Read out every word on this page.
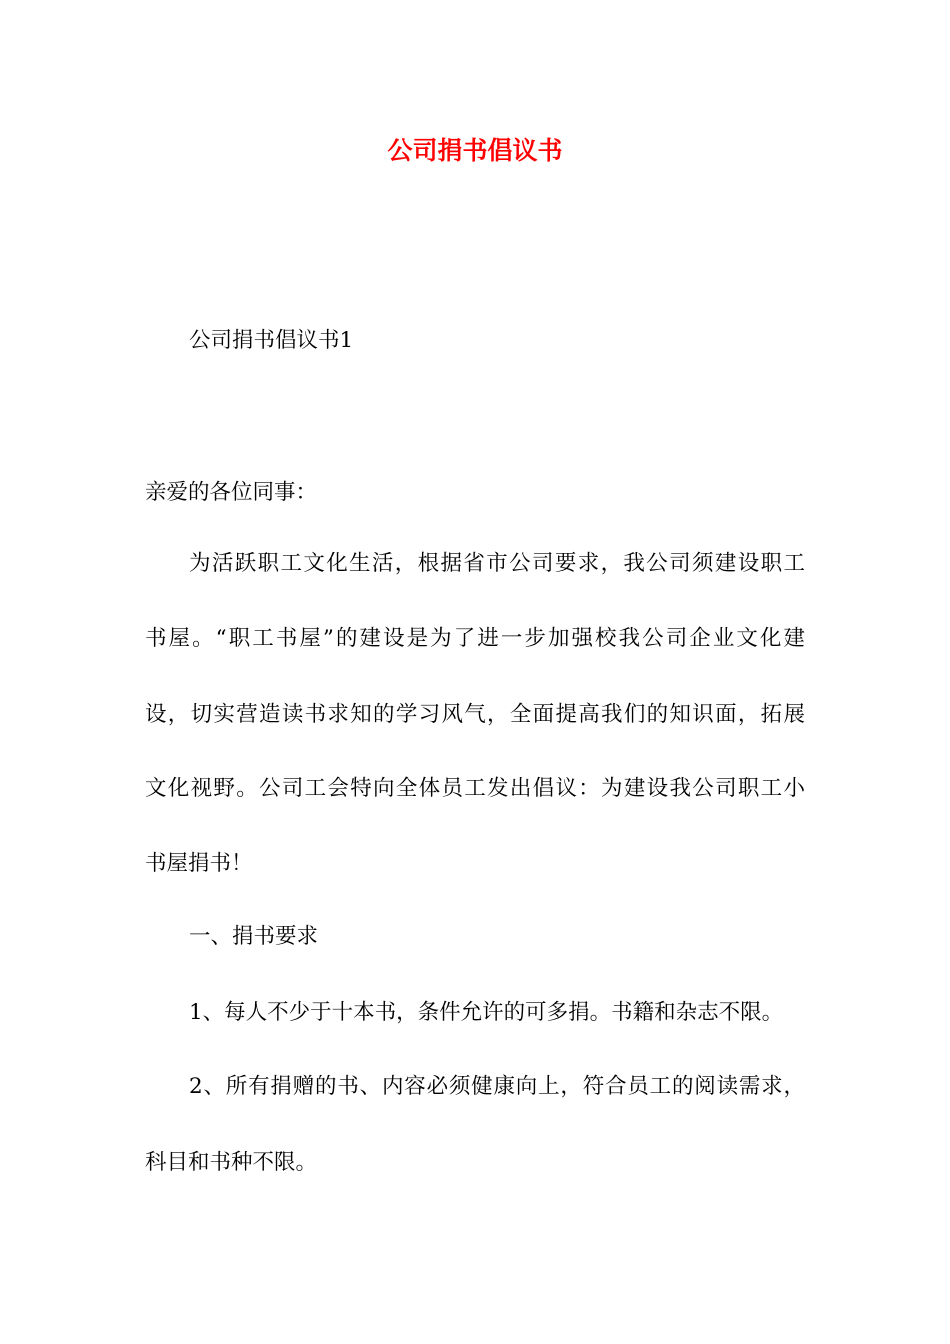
公司捐书倡议书
公司捐书倡议书1
亲爱的各位同事：
为活跃职工文化生活，根据省市公司要求，我公司须建设职工
书屋。“职工书屋”的建设是为了进一步加强校我公司企业文化建
设，切实营造读书求知的学习风气，全面提高我们的知识面，拓展
文化视野。公司工会特向全体员工发出倡议：为建设我公司职工小
书屋捐书！
一、捐书要求
1、每人不少于十本书，条件允许的可多捐。书籍和杂志不限。
2、所有捐赠的书、内容必须健康向上，符合员工的阅读需求，
科目和书种不限。
